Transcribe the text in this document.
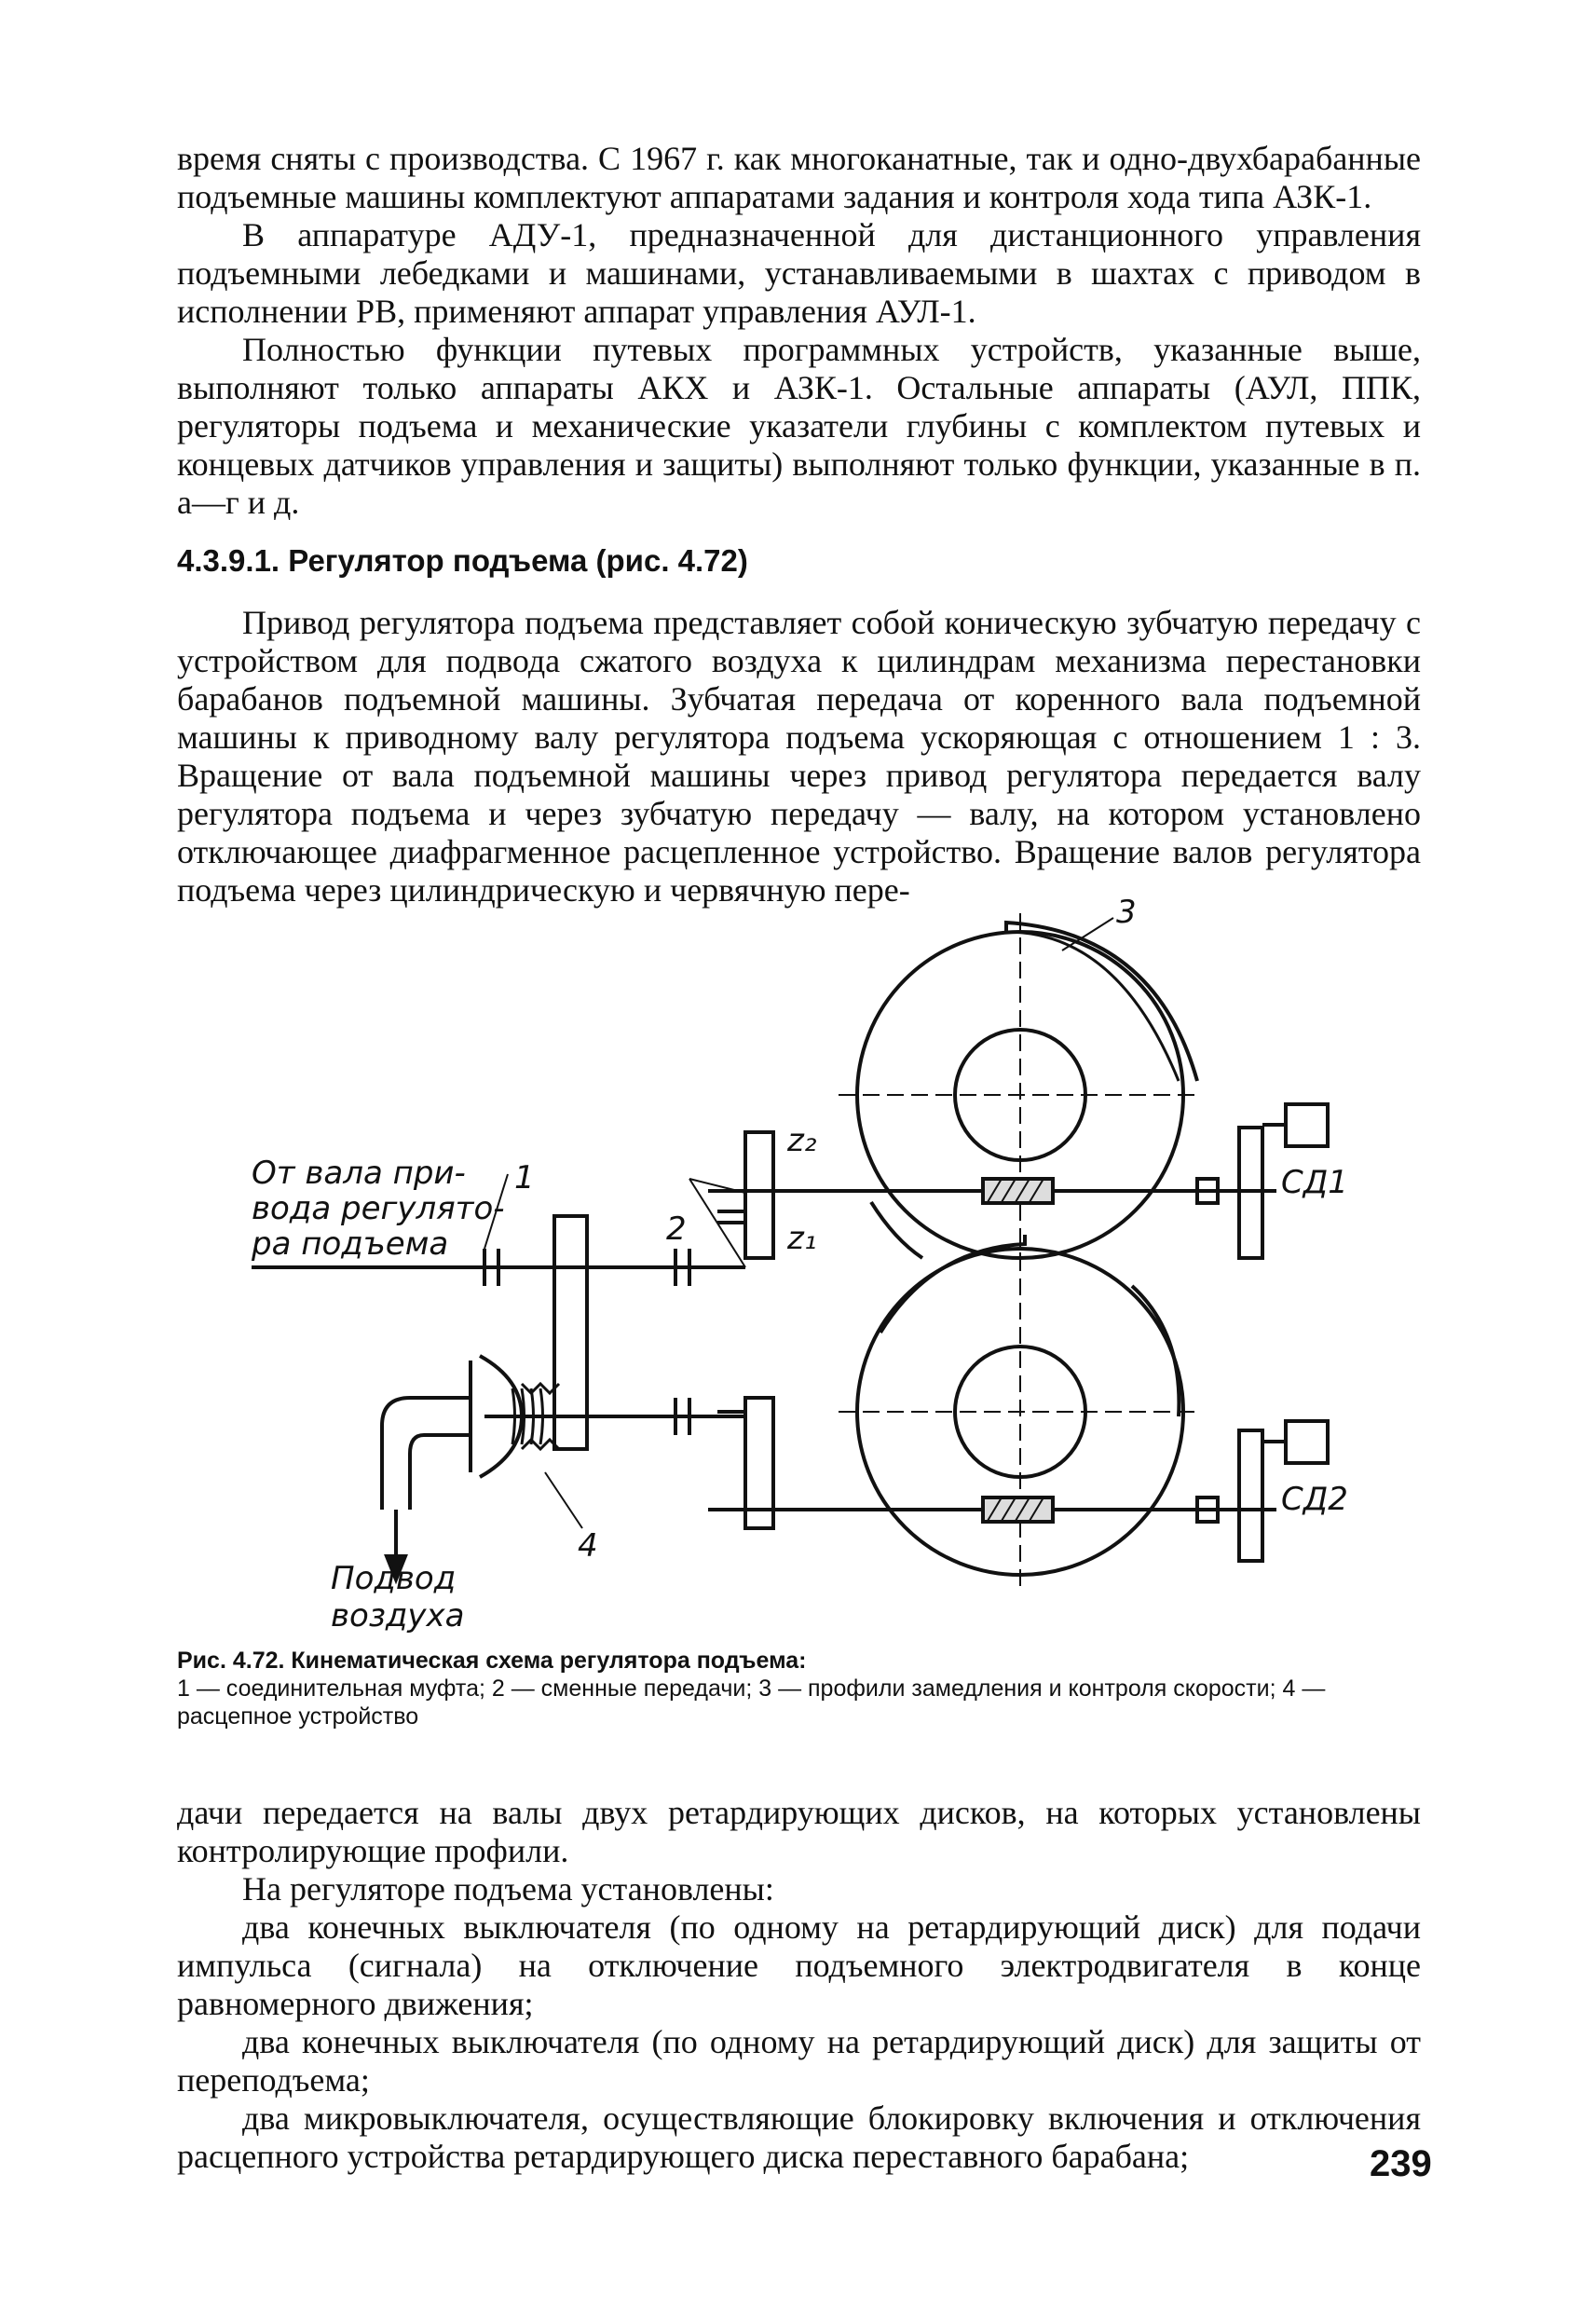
время сняты с производства. С 1967 г. как многоканатные, так и одно-двухбарабанные подъемные машины комплектуют аппаратами задания и контроля хода типа АЗК-1.

В аппаратуре АДУ-1, предназначенной для дистанционного управления подъемными лебедками и машинами, устанавливаемыми в шахтах с приводом в исполнении РВ, применяют аппарат управления АУЛ-1.

Полностью функции путевых программных устройств, указанные выше, выполняют только аппараты АКХ и АЗК-1. Остальные аппараты (АУЛ, ППК, регуляторы подъема и механические указатели глубины с комплектом путевых и концевых датчиков управления и защиты) выполняют только функции, указанные в п. а—г и д.

4.3.9.1. Регулятор подъема (рис. 4.72)

Привод регулятора подъема представляет собой коническую зубчатую передачу с устройством для подвода сжатого воздуха к цилиндрам механизма перестановки барабанов подъемной машины. Зубчатая передача от коренного вала подъемной машины к приводному валу регулятора подъема ускоряющая с отношением 1 : 3. Вращение от вала подъемной машины через привод регулятора передается валу регулятора подъема и через зубчатую передачу — валу, на котором установлено отключающее диафрагменное расцепленное устройство. Вращение валов регулятора подъема через цилиндрическую и червячную пере-

От вала при-
вода регулято-
ра подъема
1
2
3
4
z₂
z₁
СД1
СД2
Подвод
воздуха

Рис. 4.72. Кинематическая схема регулятора подъема:

1 — соединительная муфта; 2 — сменные передачи; 3 — профили замедления и контроля скорости; 4 — расцепное устройство

дачи передается на валы двух ретардирующих дисков, на которых установлены контролирующие профили.

На регуляторе подъема установлены:

два конечных выключателя (по одному на ретардирующий диск) для подачи импульса (сигнала) на отключение подъемного электродвигателя в конце равномерного движения;

два конечных выключателя (по одному на ретардирующий диск) для защиты от переподъема;

два микровыключателя, осуществляющие блокировку включения и отключения расцепного устройства ретардирующего диска переставного барабана;	239
